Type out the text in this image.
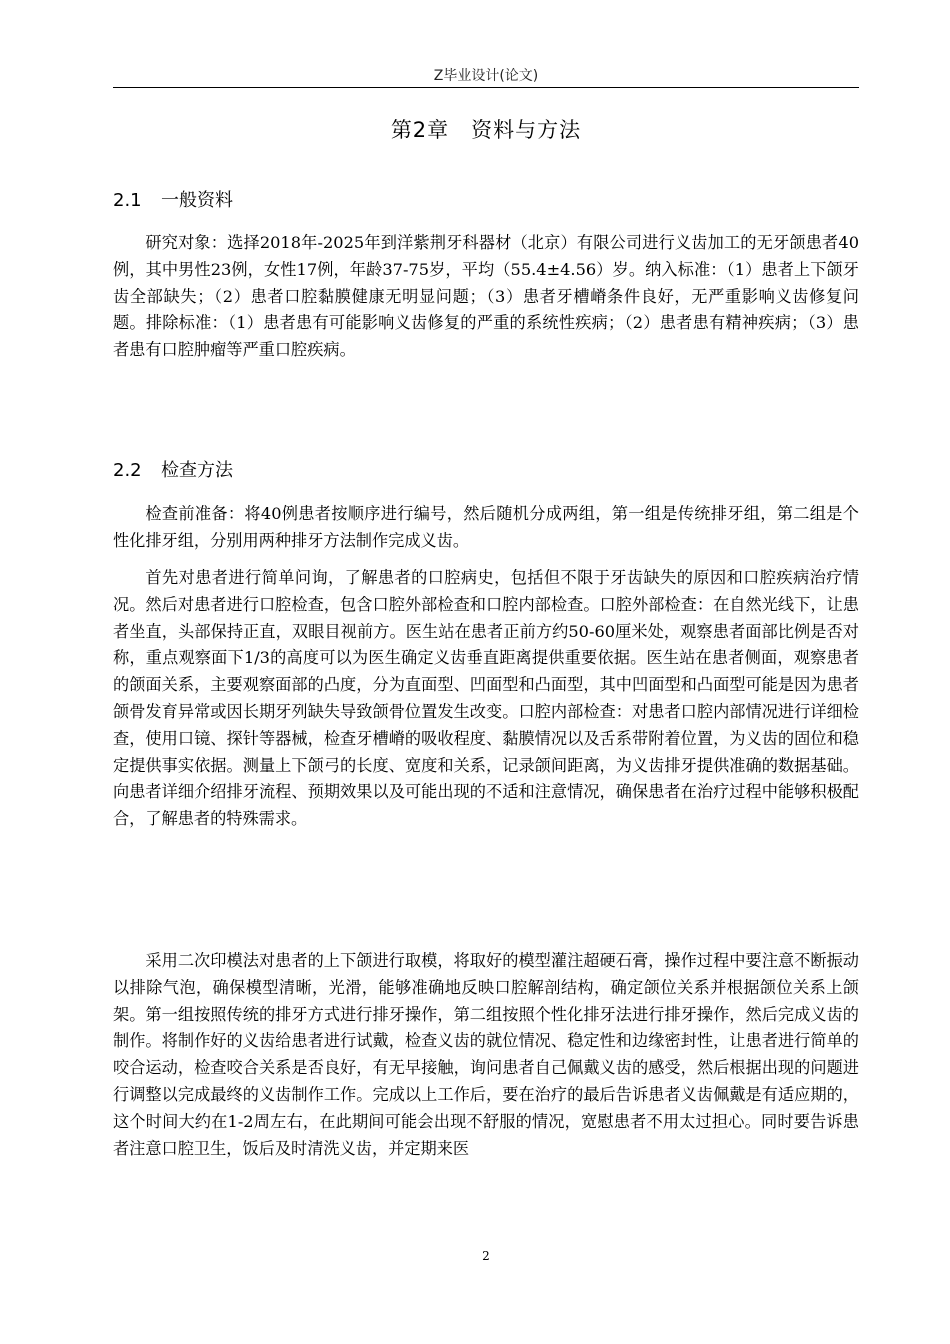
Z毕业设计(论文)
第2章　资料与方法
2.1 一般资料

研究对象：选择2018年-2025年到洋紫荆牙科器材（北京）有限公司进行义齿加工的无牙颌患者40例，其中男性23例，女性17例，年龄37-75岁，平均（55.4±4.56）岁。纳入标准：（1）患者上下颌牙齿全部缺失；（2）患者口腔黏膜健康无明显问题；（3）患者牙槽嵴条件良好，无严重影响义齿修复问题。排除标准：（1）患者患有可能影响义齿修复的严重的系统性疾病；（2）患者患有精神疾病；（3）患者患有口腔肿瘤等严重口腔疾病。

2.2 检查方法

检查前准备：将40例患者按顺序进行编号，然后随机分成两组，第一组是传统排牙组，第二组是个性化排牙组，分别用两种排牙方法制作完成义齿。

首先对患者进行简单问询，了解患者的口腔病史，包括但不限于牙齿缺失的原因和口腔疾病治疗情况。然后对患者进行口腔检查，包含口腔外部检查和口腔内部检查。口腔外部检查：在自然光线下，让患者坐直，头部保持正直，双眼目视前方。医生站在患者正前方约50-60厘米处，观察患者面部比例是否对称，重点观察面下1/3的高度可以为医生确定义齿垂直距离提供重要依据。医生站在患者侧面，观察患者的颌面关系，主要观察面部的凸度，分为直面型、凹面型和凸面型，其中凹面型和凸面型可能是因为患者颌骨发育异常或因长期牙列缺失导致颌骨位置发生改变。口腔内部检查：对患者口腔内部情况进行详细检查，使用口镜、探针等器械，检查牙槽嵴的吸收程度、黏膜情况以及舌系带附着位置，为义齿的固位和稳定提供事实依据。测量上下颌弓的长度、宽度和关系，记录颌间距离，为义齿排牙提供准确的数据基础。向患者详细介绍排牙流程、预期效果以及可能出现的不适和注意情况，确保患者在治疗过程中能够积极配合，了解患者的特殊需求。

采用二次印模法对患者的上下颌进行取模，将取好的模型灌注超硬石膏，操作过程中要注意不断振动以排除气泡，确保模型清晰，光滑，能够准确地反映口腔解剖结构，确定颌位关系并根据颌位关系上颌架。第一组按照传统的排牙方式进行排牙操作，第二组按照个性化排牙法进行排牙操作，然后完成义齿的制作。将制作好的义齿给患者进行试戴，检查义齿的就位情况、稳定性和边缘密封性，让患者进行简单的咬合运动，检查咬合关系是否良好，有无早接触，询问患者自己佩戴义齿的感受，然后根据出现的问题进行调整以完成最终的义齿制作工作。完成以上工作后，要在治疗的最后告诉患者义齿佩戴是有适应期的，这个时间大约在1-2周左右，在此期间可能会出现不舒服的情况，宽慰患者不用太过担心。同时要告诉患者注意口腔卫生，饭后及时清洗义齿，并定期来医

2
